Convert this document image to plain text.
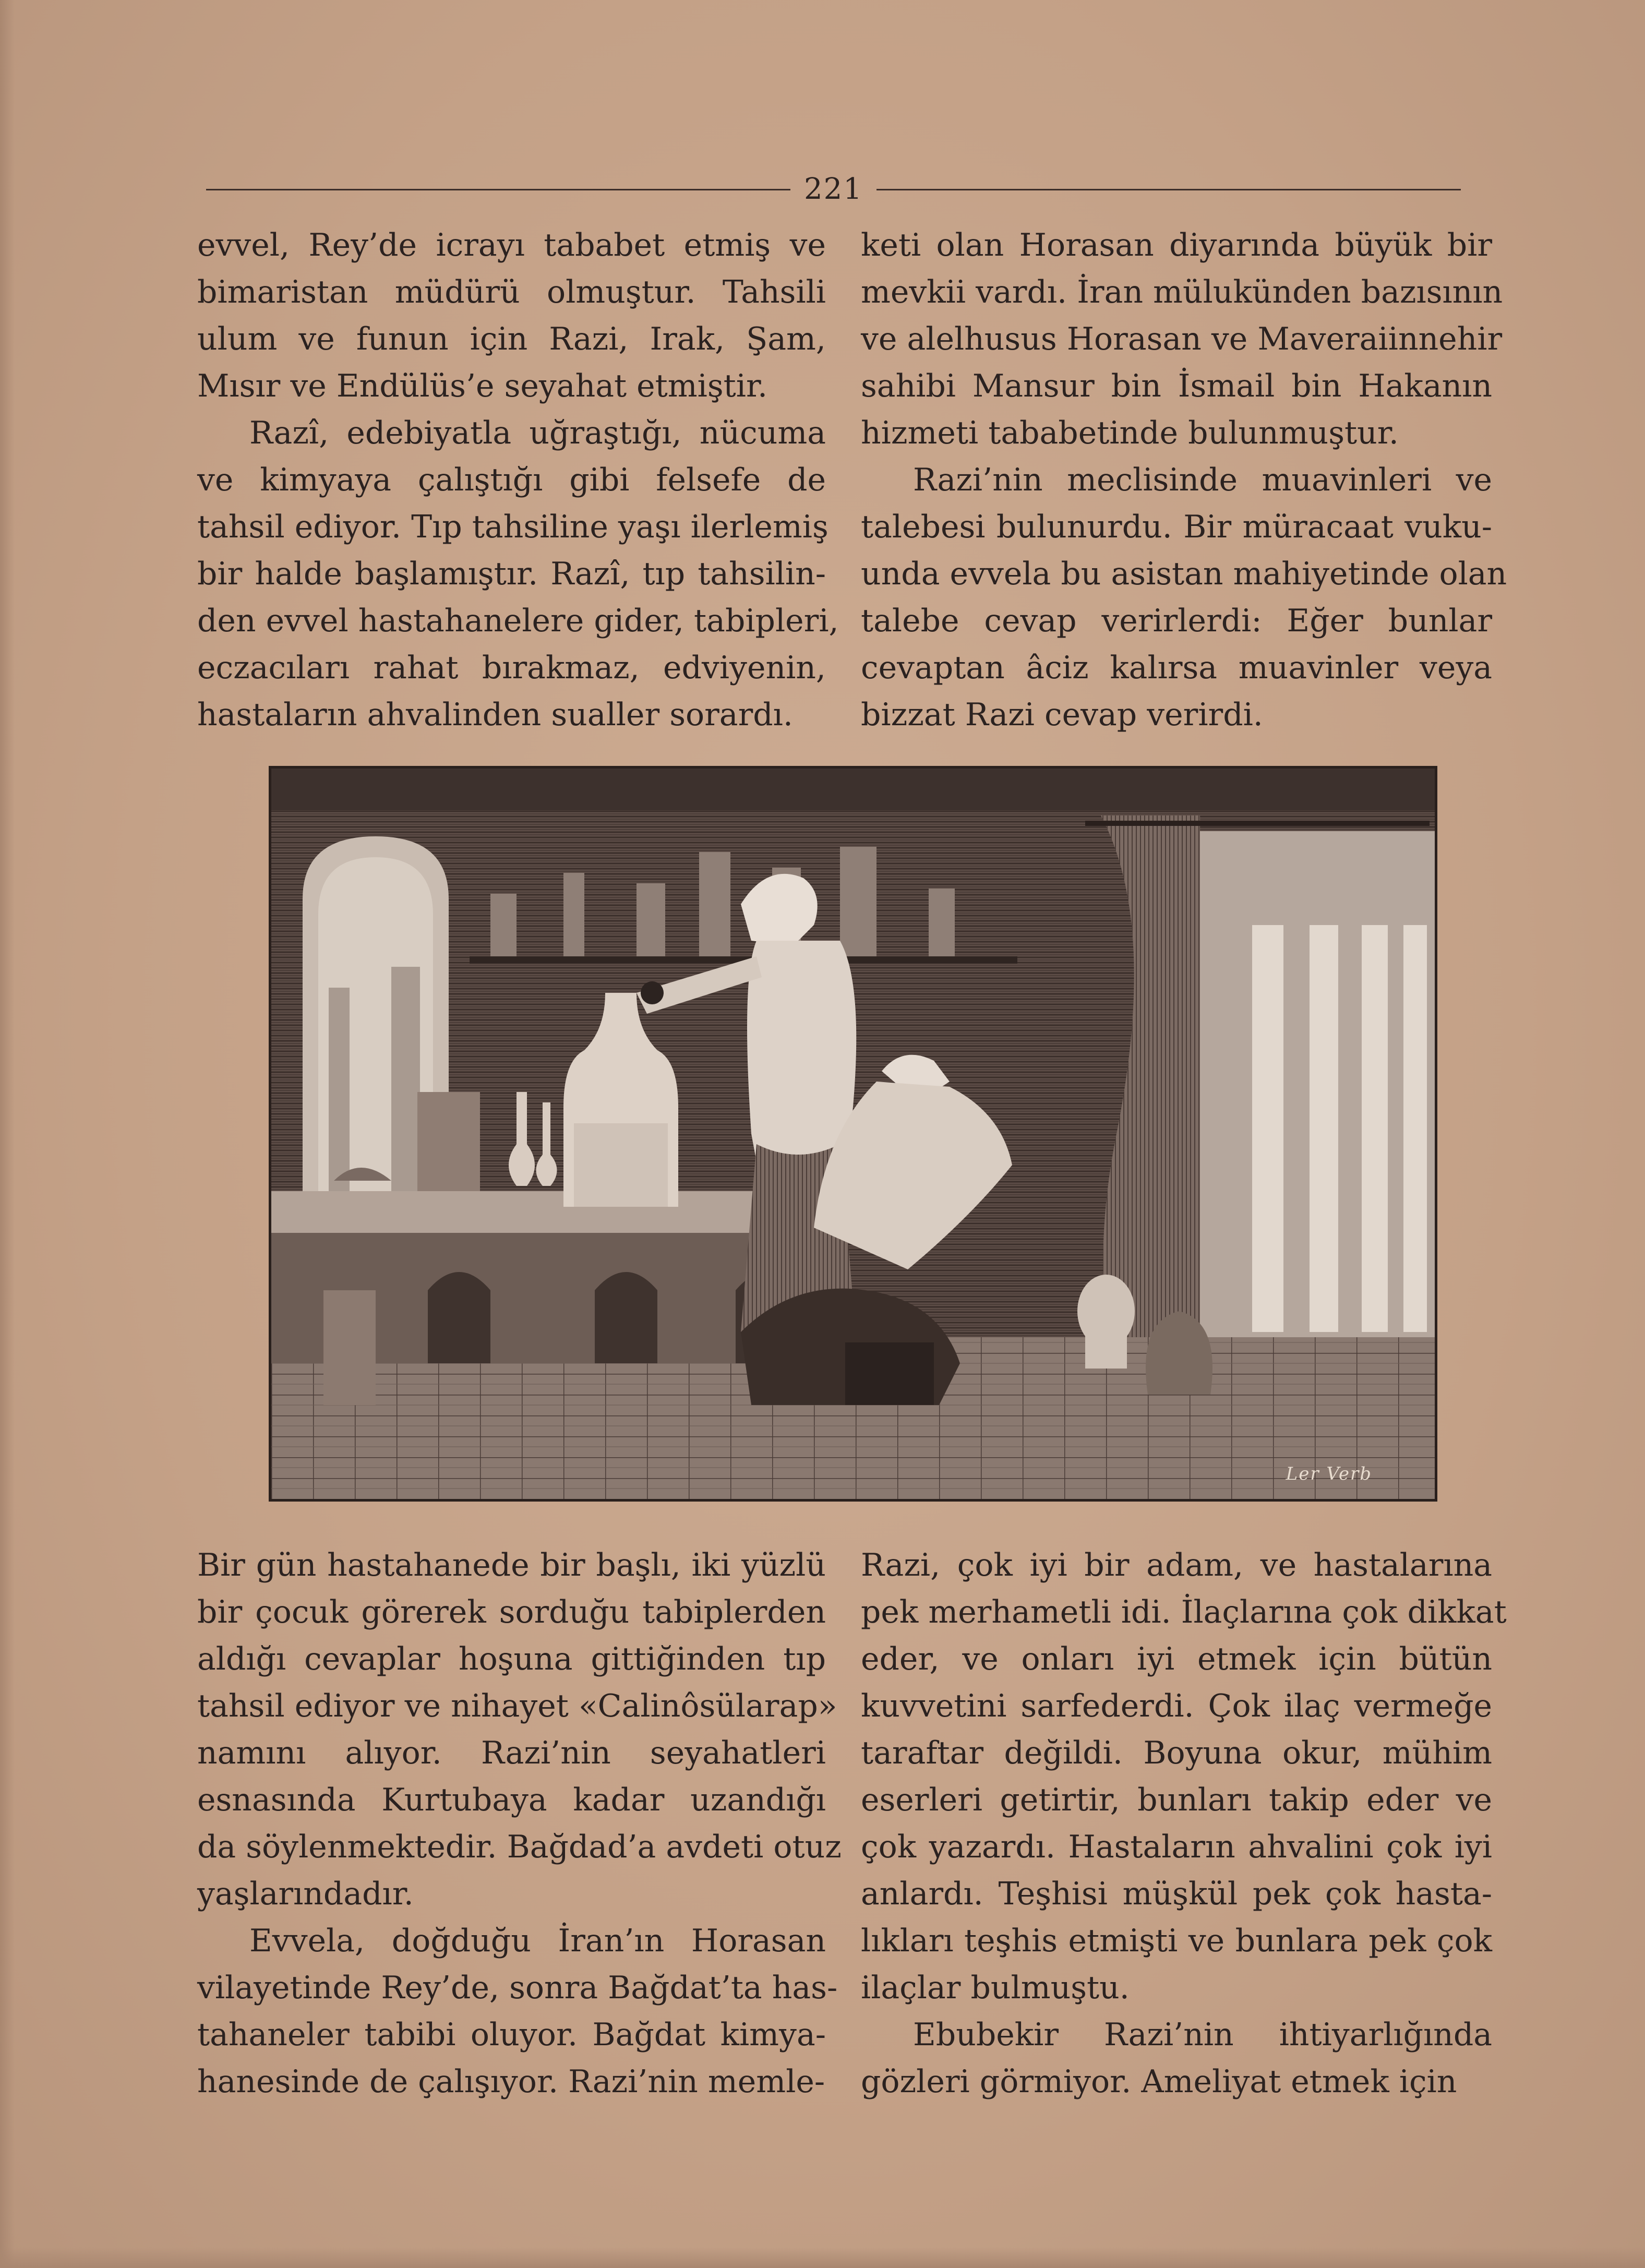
221

evvel, Rey’de icrayı tababet etmiş ve
bimaristan müdürü olmuştur. Tahsili
ulum ve funun için Razi, Irak, Şam,
Mısır ve Endülüs’e seyahat etmiştir.

Razî, edebiyatla uğraştığı, nücuma
ve kimyaya çalıştığı gibi felsefe de
tahsil ediyor. Tıp tahsiline yaşı ilerlemiş
bir halde başlamıştır. Razî, tıp tahsilin-
den evvel hastahanelere gider, tabipleri,
eczacıları rahat bırakmaz, edviyenin,
hastaların ahvalinden sualler sorardı.

keti olan Horasan diyarında büyük bir
mevkii vardı. İran mülukünden bazısının
ve alelhusus Horasan ve Maveraiinnehir
sahibi Mansur bin İsmail bin Hakanın
hizmeti tababetinde bulunmuştur.

Razi’nin meclisinde muavinleri ve
talebesi bulunurdu. Bir müracaat vuku-
unda evvela bu asistan mahiyetinde olan
talebe cevap verirlerdi: Eğer bunlar
cevaptan âciz kalırsa muavinler veya
bizzat Razi cevap verirdi.

Ler Verb

Bir gün hastahanede bir başlı, iki yüzlü
bir çocuk görerek sorduğu tabiplerden
aldığı cevaplar hoşuna gittiğinden tıp
tahsil ediyor ve nihayet «Calinôsülarap»
namını alıyor. Razi’nin seyahatleri
esnasında Kurtubaya kadar uzandığı
da söylenmektedir. Bağdad’a avdeti otuz
yaşlarındadır.

Evvela, doğduğu İran’ın Horasan
vilayetinde Rey’de, sonra Bağdat’ta has-
tahaneler tabibi oluyor. Bağdat kimya-
hanesinde de çalışıyor. Razi’nin memle-

Razi, çok iyi bir adam, ve hastalarına
pek merhametli idi. İlaçlarına çok dikkat
eder, ve onları iyi etmek için bütün
kuvvetini sarfederdi. Çok ilaç vermeğe
taraftar değildi. Boyuna okur, mühim
eserleri getirtir, bunları takip eder ve
çok yazardı. Hastaların ahvalini çok iyi
anlardı. Teşhisi müşkül pek çok hasta-
lıkları teşhis etmişti ve bunlara pek çok
ilaçlar bulmuştu.

Ebubekir Razi’nin ihtiyarlığında
gözleri görmiyor. Ameliyat etmek için
